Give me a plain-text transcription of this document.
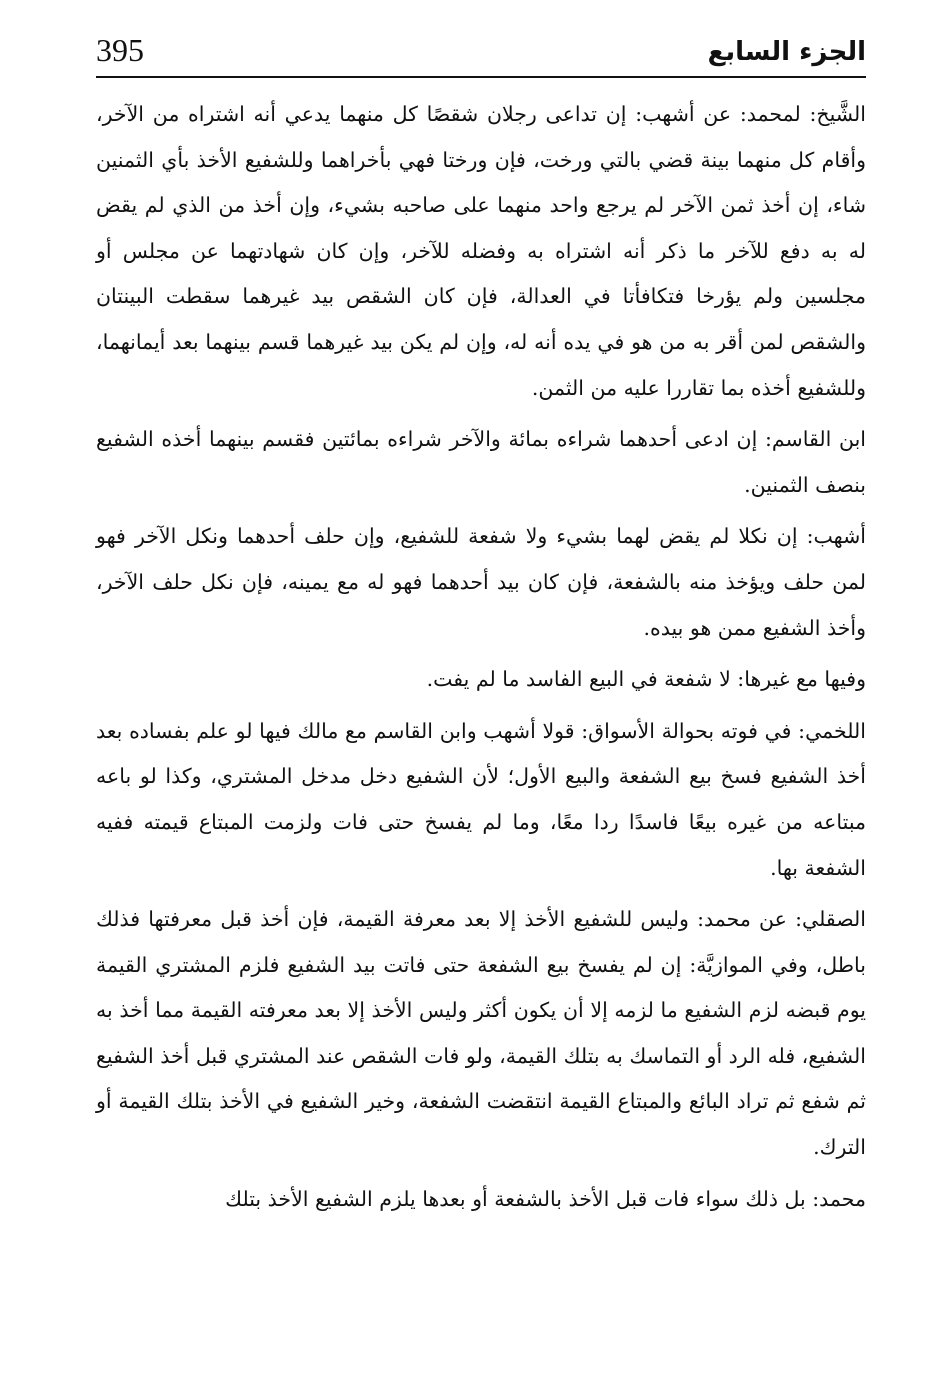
395	الجزء السابع

الشَّيخ: لمحمد: عن أشهب: إن تداعى رجلان شقصًا كل منهما يدعي أنه اشتراه من الآخر، وأقام كل منهما بينة قضي بالتي ورخت، فإن ورختا فهي بأخراهما وللشفيع الأخذ بأي الثمنين شاء، إن أخذ ثمن الآخر لم يرجع واحد منهما على صاحبه بشيء، وإن أخذ من الذي لم يقض له به دفع للآخر ما ذكر أنه اشتراه به وفضله للآخر، وإن كان شهادتهما عن مجلس أو مجلسين ولم يؤرخا فتكافأتا في العدالة، فإن كان الشقص بيد غيرهما سقطت البينتان والشقص لمن أقر به من هو في يده أنه له، وإن لم يكن بيد غيرهما قسم بينهما بعد أيمانهما، وللشفيع أخذه بما تقاررا عليه من الثمن.

ابن القاسم: إن ادعى أحدهما شراءه بمائة والآخر شراءه بمائتين فقسم بينهما أخذه الشفيع بنصف الثمنين.

أشهب: إن نكلا لم يقض لهما بشيء ولا شفعة للشفيع، وإن حلف أحدهما ونكل الآخر فهو لمن حلف ويؤخذ منه بالشفعة، فإن كان بيد أحدهما فهو له مع يمينه، فإن نكل حلف الآخر، وأخذ الشفيع ممن هو بيده.

وفيها مع غيرها: لا شفعة في البيع الفاسد ما لم يفت.

اللخمي: في فوته بحوالة الأسواق: قولا أشهب وابن القاسم مع مالك فيها لو علم بفساده بعد أخذ الشفيع فسخ بيع الشفعة والبيع الأول؛ لأن الشفيع دخل مدخل المشتري، وكذا لو باعه مبتاعه من غيره بيعًا فاسدًا ردا معًا، وما لم يفسخ حتى فات ولزمت المبتاع قيمته ففيه الشفعة بها.

الصقلي: عن محمد: وليس للشفيع الأخذ إلا بعد معرفة القيمة، فإن أخذ قبل معرفتها فذلك باطل، وفي الموازيَّة: إن لم يفسخ بيع الشفعة حتى فاتت بيد الشفيع فلزم المشتري القيمة يوم قبضه لزم الشفيع ما لزمه إلا أن يكون أكثر وليس الأخذ إلا بعد معرفته القيمة مما أخذ به الشفيع، فله الرد أو التماسك به بتلك القيمة، ولو فات الشقص عند المشتري قبل أخذ الشفيع ثم شفع ثم تراد البائع والمبتاع القيمة انتقضت الشفعة، وخير الشفيع في الأخذ بتلك القيمة أو الترك.

محمد: بل ذلك سواء فات قبل الأخذ بالشفعة أو بعدها يلزم الشفيع الأخذ بتلك
